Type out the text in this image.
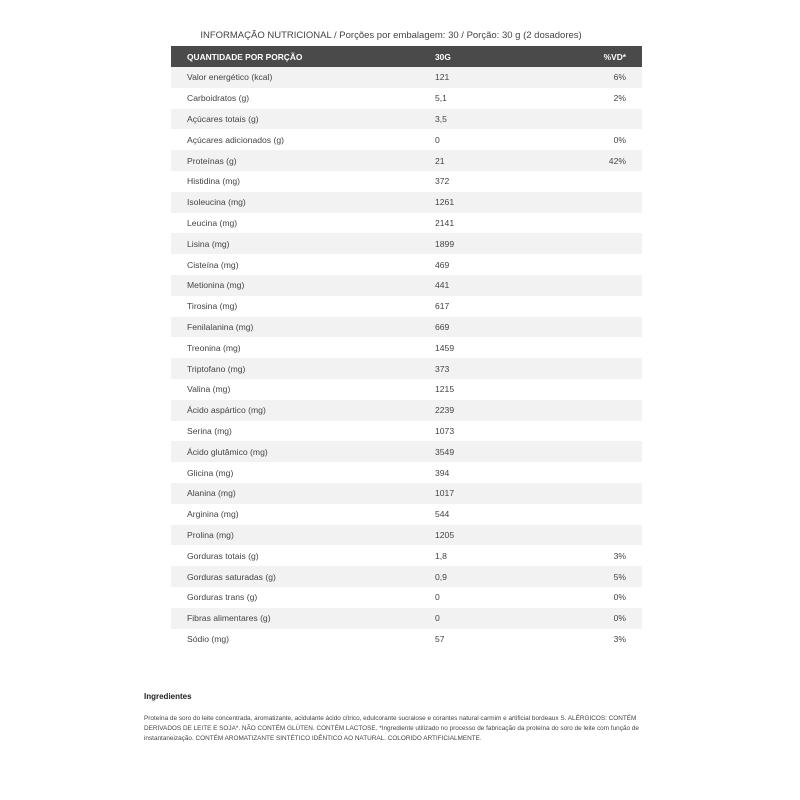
INFORMAÇÃO NUTRICIONAL / Porções por embalagem: 30 / Porção: 30 g (2 dosadores)
QUANTIDADE POR PORÇÃO	30G	%VD*
Valor energético (kcal)	121	6%
Carboidratos (g)	5,1	2%
Açúcares totais (g)	3,5	
Açúcares adicionados (g)	0	0%
Proteínas (g)	21	42%
Histidina (mg)	372	
Isoleucina (mg)	1261	
Leucina (mg)	2141	
Lisina (mg)	1899	
Cisteína (mg)	469	
Metionina (mg)	441	
Tirosina (mg)	617	
Fenilalanina (mg)	669	
Treonina (mg)	1459	
Triptofano (mg)	373	
Valina (mg)	1215	
Ácido aspártico (mg)	2239	
Serina (mg)	1073	
Ácido glutâmico (mg)	3549	
Glicina (mg)	394	
Alanina (mg)	1017	
Arginina (mg)	544	
Prolina (mg)	1205	
Gorduras totais (g)	1,8	3%
Gorduras saturadas (g)	0,9	5%
Gorduras trans (g)	0	0%
Fibras alimentares (g)	0	0%
Sódio (mg)	57	3%
Ingredientes
Proteína de soro do leite concentrada, aromatizante, acidulante ácido cítrico, edulcorante sucralose e corantes natural carmim e artificial bordeaux S. ALÉRGICOS: CONTÉM DERIVADOS DE LEITE E SOJA*. NÃO CONTÉM GLÚTEN. CONTÉM LACTOSE. *Ingrediente utilizado no processo de fabricação da proteína do soro de leite com função de instantaneização. CONTÉM AROMATIZANTE SINTÉTICO IDÊNTICO AO NATURAL. COLORIDO ARTIFICIALMENTE.
